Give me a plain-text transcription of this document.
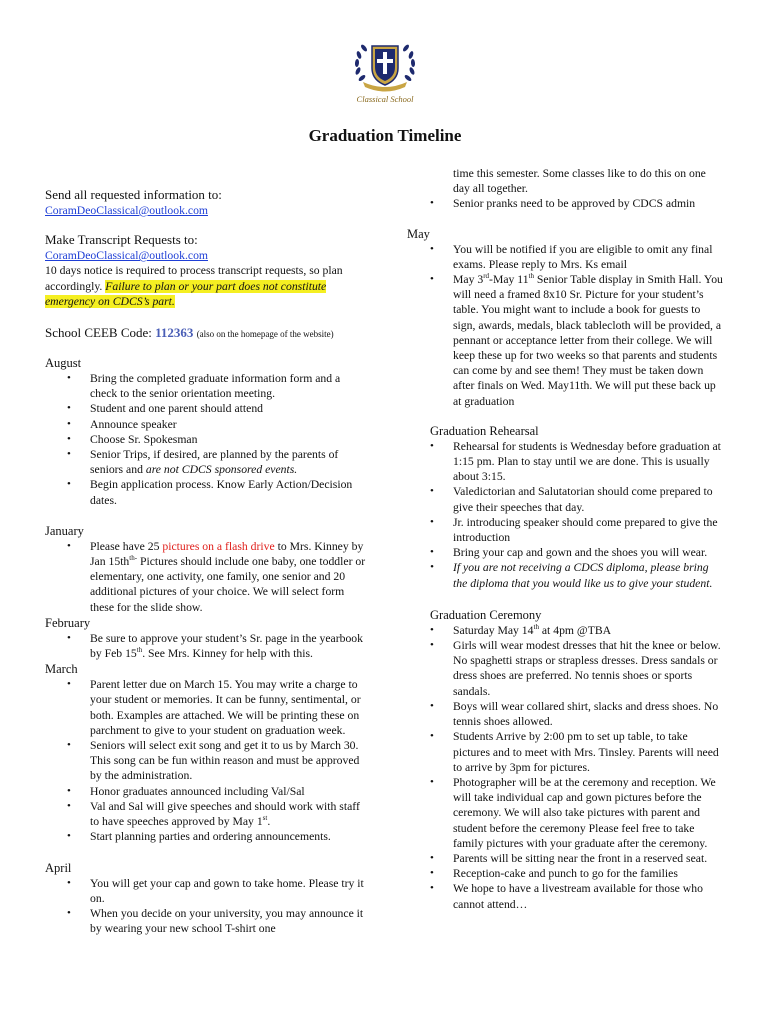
Classical School
Graduation Timeline

Send all requested information to:

CoramDeoClassical@outlook.com

Make Transcript Requests to:

CoramDeoClassical@outlook.com

10 days notice is required to process transcript requests, so plan accordingly. Failure to plan or your part does not constitute emergency on CDCS’s part.

School CEEB Code: 112363 (also on the homepage of the website)

August

• Bring the completed graduate information form and a check to the senior orientation meeting.
• Student and one parent should attend
• Announce speaker
• Choose Sr. Spokesman
• Senior Trips, if desired, are planned by the parents of seniors and are not CDCS sponsored events.
• Begin application process. Know Early Action/Decision dates.

January

• Please have 25 pictures on a flash drive to Mrs. Kinney by Jan $15th^{th-}$ Pictures should include one baby, one toddler or elementary, one activity, one family, one senior and 20 additional pictures of your choice. We will select form these for the slide show.

February

• Be sure to approve your student’s Sr. page in the yearbook by Feb 15th. See Mrs. Kinney for help with this.

March

• Parent letter due on March 15. You may write a charge to your student or memories. It can be funny, sentimental, or both. Examples are attached. We will be printing these on parchment to give to your student on graduation week.
• Seniors will select exit song and get it to us by March 30. This song can be fun within reason and must be approved by the administration.
• Honor graduates announced including Val/Sal
• Val and Sal will give speeches and should work with staff to have speeches approved by May 1st.
• Start planning parties and ordering announcements.

April

• You will get your cap and gown to take home. Please try it on.
• When you decide on your university, you may announce it by wearing your new school T-shirt one

time this semester. Some classes like to do this on one day all together.

• Senior pranks need to be approved by CDCS admin

May

• You will be notified if you are eligible to omit any final exams. Please reply to Mrs. Ks email
• May 3rd-May 11th Senior Table display in Smith Hall. You will need a framed 8x10 Sr. Picture for your student’s table. You might want to include a book for guests to sign, awards, medals, black tablecloth will be provided, a pennant or acceptance letter from their college. We will keep these up for two weeks so that parents and students can come by and see them! They must be taken down after finals on Wed. May11th. We will put these back up at graduation

Graduation Rehearsal

• Rehearsal for students is Wednesday before graduation at 1:15 pm. Plan to stay until we are done. This is usually about 3:15.
• Valedictorian and Salutatorian should come prepared to give their speeches that day.
• Jr. introducing speaker should come prepared to give the introduction
• Bring your cap and gown and the shoes you will wear.
• If you are not receiving a CDCS diploma, please bring the diploma that you would like us to give your student.

Graduation Ceremony

• Saturday May 14th at 4pm @TBA
• Girls will wear modest dresses that hit the knee or below. No spaghetti straps or strapless dresses. Dress sandals or dress shoes are preferred. No tennis shoes or sports sandals.
• Boys will wear collared shirt, slacks and dress shoes. No tennis shoes allowed.
• Students Arrive by 2:00 pm to set up table, to take pictures and to meet with Mrs. Tinsley. Parents will need to arrive by 3pm for pictures.
• Photographer will be at the ceremony and reception. We will take individual cap and gown pictures before the ceremony. We will also take pictures with parent and student before the ceremony Please feel free to take family pictures with your graduate after the ceremony.
• Parents will be sitting near the front in a reserved seat.
• Reception-cake and punch to go for the families
• We hope to have a livestream available for those who cannot attend…
